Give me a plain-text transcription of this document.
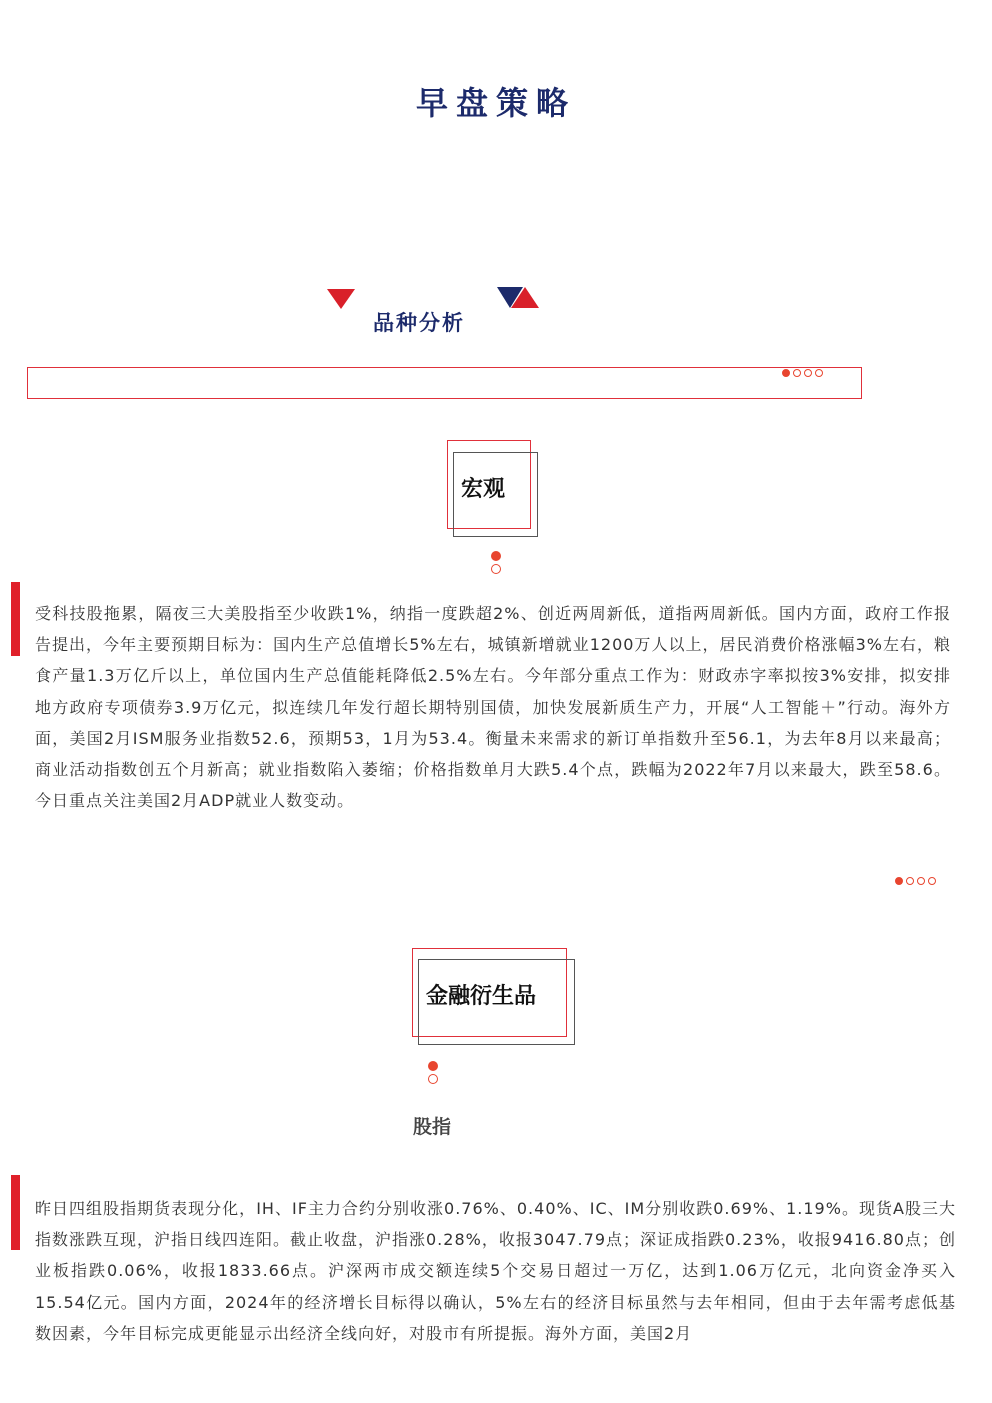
早盘策略
品种分析
宏观
受科技股拖累，隔夜三大美股指至少收跌1%，纳指一度跌超2%、创近两周新低，道指两周新低。国内方面，政府工作报告提出，今年主要预期目标为：国内生产总值增长5%左右，城镇新增就业1200万人以上，居民消费价格涨幅3%左右，粮食产量1.3万亿斤以上，单位国内生产总值能耗降低2.5%左右。今年部分重点工作为：财政赤字率拟按3%安排，拟安排地方政府专项债券3.9万亿元，拟连续几年发行超长期特别国债，加快发展新质生产力，开展“人工智能＋”行动。海外方面，美国2月ISM服务业指数52.6，预期53，1月为53.4。衡量未来需求的新订单指数升至56.1，为去年8月以来最高；商业活动指数创五个月新高；就业指数陷入萎缩；价格指数单月大跌5.4个点，跌幅为2022年7月以来最大，跌至58.6。今日重点关注美国2月ADP就业人数变动。
金融衍生品
股指
昨日四组股指期货表现分化，IH、IF主力合约分别收涨0.76%、0.40%、IC、IM分别收跌0.69%、1.19%。现货A股三大指数涨跌互现，沪指日线四连阳。截止收盘，沪指涨0.28%，收报3047.79点；深证成指跌0.23%，收报9416.80点；创业板指跌0.06%，收报1833.66点。沪深两市成交额连续5个交易日超过一万亿，达到1.06万亿元，北向资金净买入15.54亿元。国内方面，2024年的经济增长目标得以确认，5%左右的经济目标虽然与去年相同，但由于去年需考虑低基数因素，今年目标完成更能显示出经济全线向好，对股市有所提振。海外方面，美国2月
